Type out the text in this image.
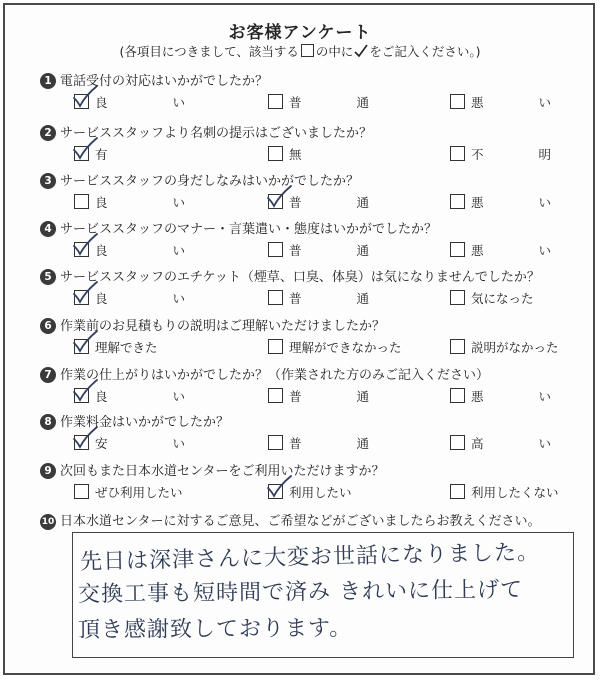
お客様アンケート
(各項目につきまして、該当する の中に をご記入ください。)
1 電話受付の対応はいかがでしたか？
良	い	普	通	悪	い
2 サービススタッフより名刺の提示はございましたか？
有	無	不	明
3 サービススタッフの身だしなみはいかがでしたか？
良	い	普	通	悪	い
4 サービススタッフのマナー・言葉遣い・態度はいかがでしたか？
良	い	普	通	悪	い
5 サービススタッフのエチケット（煙草、口臭、体臭）は気になりませんでしたか？
良	い	普	通	気になった
6 作業前のお見積もりの説明はご理解いただけましたか？
理解できた	理解ができなかった	説明がなかった
7 作業の仕上がりはいかがでしたか？（作業された方のみご記入ください）
良	い	普	通	悪	い
8 作業料金はいかがでしたか？
安	い	普	通	高	い
9 次回もまた日本水道センターをご利用いただけますか？
ぜひ利用したい	利用したい	利用したくない
10 日本水道センターに対するご意見、ご希望などがございましたらお教えください。
先日は深津さんに大変お世話になりました。
交換工事も短時間で済み きれいに仕上げて
頂き感謝致しております。
